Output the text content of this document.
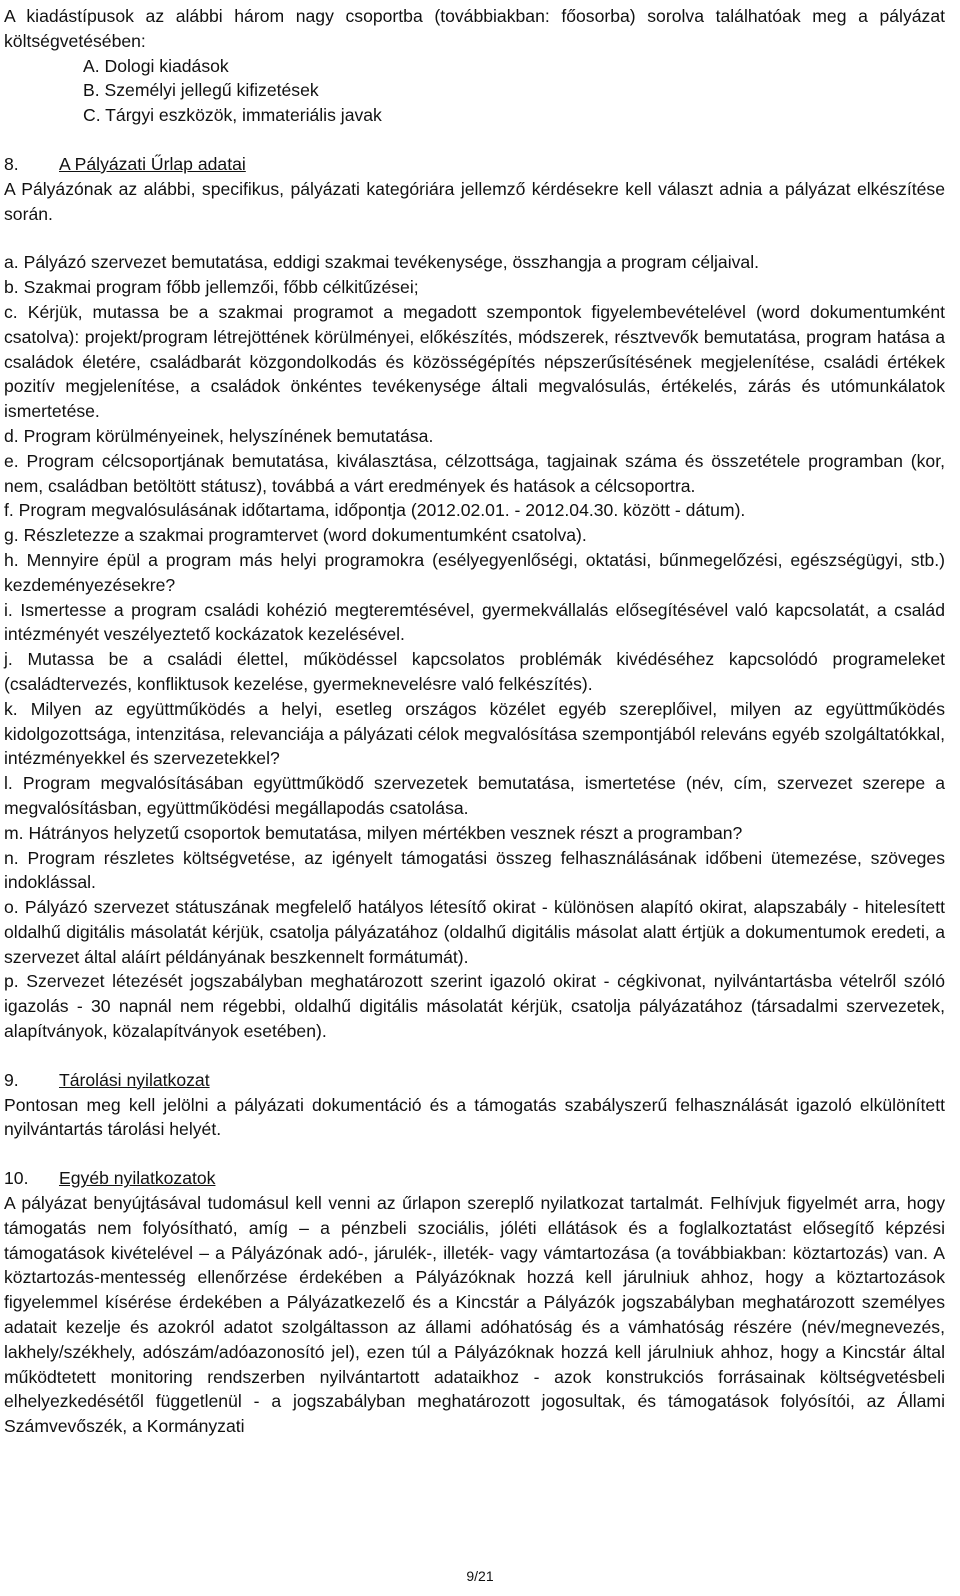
A kiadástípusok az alábbi három nagy csoportba (továbbiakban: főosorba) sorolva találhatóak meg a pályázat költségvetésében:

A. Dologi kiadások

B. Személyi jellegű kifizetések

C. Tárgyi eszközök, immateriális javak

8. A Pályázati Űrlap adatai

A Pályázónak az alábbi, specifikus, pályázati kategóriára jellemző kérdésekre kell választ adnia a pályázat elkészítése során.

a. Pályázó szervezet bemutatása, eddigi szakmai tevékenysége, összhangja a program céljaival.

b. Szakmai program főbb jellemzői, főbb célkitűzései;

c. Kérjük, mutassa be a szakmai programot a megadott szempontok figyelembevételével (word dokumentumként csatolva): projekt/program létrejöttének körülményei, előkészítés, módszerek, résztvevők bemutatása, program hatása a családok életére, családbarát közgondolkodás és közösségépítés népszerűsítésének megjelenítése, családi értékek pozitív megjelenítése, a családok önkéntes tevékenysége általi megvalósulás, értékelés, zárás és utómunkálatok ismertetése.

d. Program körülményeinek, helyszínének bemutatása.

e. Program célcsoportjának bemutatása, kiválasztása, célzottsága, tagjainak száma és összetétele programban (kor, nem, családban betöltött státusz), továbbá a várt eredmények és hatások a célcsoportra.

f. Program megvalósulásának időtartama, időpontja (2012.02.01. - 2012.04.30. között - dátum).

g. Részletezze a szakmai programtervet (word dokumentumként csatolva).

h. Mennyire épül a program más helyi programokra (esélyegyenlőségi, oktatási, bűnmegelőzési, egészségügyi, stb.) kezdeményezésekre?

i. Ismertesse a program családi kohézió megteremtésével, gyermekvállalás elősegítésével való kapcsolatát, a család intézményét veszélyeztető kockázatok kezelésével.

j. Mutassa be a családi élettel, működéssel kapcsolatos problémák kivédéséhez kapcsolódó programeleket (családtervezés, konfliktusok kezelése, gyermeknevelésre való felkészítés).

k. Milyen az együttműködés a helyi, esetleg országos közélet egyéb szereplőivel, milyen az együttműködés kidolgozottsága, intenzitása, relevanciája a pályázati célok megvalósítása szempontjából releváns egyéb szolgáltatókkal, intézményekkel és szervezetekkel?

l. Program megvalósításában együttműködő szervezetek bemutatása, ismertetése (név, cím, szervezet szerepe a megvalósításban, együttműködési megállapodás csatolása.

m. Hátrányos helyzetű csoportok bemutatása, milyen mértékben vesznek részt a programban?

n. Program részletes költségvetése, az igényelt támogatási összeg felhasználásának időbeni ütemezése, szöveges indoklással.

o. Pályázó szervezet státuszának megfelelő hatályos létesítő okirat - különösen alapító okirat, alapszabály - hitelesített oldalhű digitális másolatát kérjük, csatolja pályázatához (oldalhű digitális másolat alatt értjük a dokumentumok eredeti, a szervezet által aláírt példányának beszkennelt formátumát).

p. Szervezet létezését jogszabályban meghatározott szerint igazoló okirat - cégkivonat, nyilvántartásba vételről szóló igazolás - 30 napnál nem régebbi, oldalhű digitális másolatát kérjük, csatolja pályázatához (társadalmi szervezetek, alapítványok, közalapítványok esetében).

9. Tárolási nyilatkozat

Pontosan meg kell jelölni a pályázati dokumentáció és a támogatás szabályszerű felhasználását igazoló elkülönített nyilvántartás tárolási helyét.

10. Egyéb nyilatkozatok

A pályázat benyújtásával tudomásul kell venni az űrlapon szereplő nyilatkozat tartalmát. Felhívjuk figyelmét arra, hogy támogatás nem folyósítható, amíg – a pénzbeli szociális, jóléti ellátások és a foglalkoztatást elősegítő képzési támogatások kivételével – a Pályázónak adó-, járulék-, illeték- vagy vámtartozása (a továbbiakban: köztartozás) van. A köztartozás-mentesség ellenőrzése érdekében a Pályázóknak hozzá kell járulniuk ahhoz, hogy a köztartozások figyelemmel kísérése érdekében a Pályázatkezelő és a Kincstár a Pályázók jogszabályban meghatározott személyes adatait kezelje és azokról adatot szolgáltasson az állami adóhatóság és a vámhatóság részére (név/megnevezés, lakhely/székhely, adószám/adóazonosító jel), ezen túl a Pályázóknak hozzá kell járulniuk ahhoz, hogy a Kincstár által működtetett monitoring rendszerben nyilvántartott adataikhoz - azok konstrukciós forrásainak költségvetésbeli elhelyezkedésétől függetlenül - a jogszabályban meghatározott jogosultak, és támogatások folyósítói, az Állami Számvevőszék, a Kormányzati

9/21
